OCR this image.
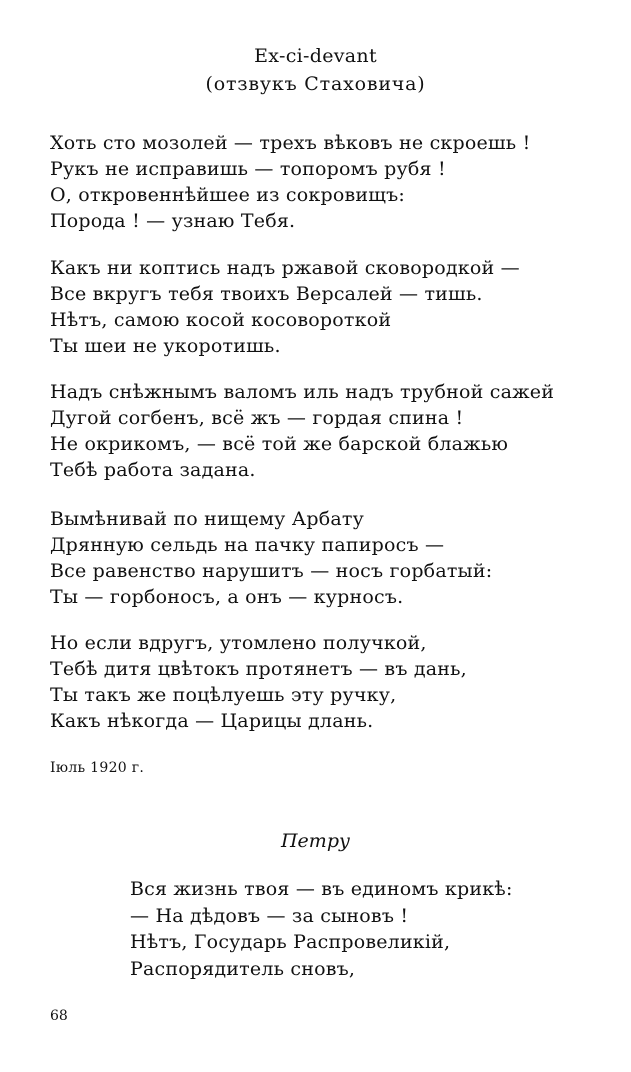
Ex-ci-devant
(отзвукъ Стаховича)
Хоть сто мозолей — трехъ вѣковъ не скроешь !
Рукъ не исправишь — топоромъ рубя !
О, откровеннѣйшее из сокровищъ:
Порода ! — узнаю Тебя.
Какъ ни коптись надъ ржавой сковородкой —
Все вкругъ тебя твоихъ Версалей — тишь.
Нѣтъ, самою косой косовороткой
Ты шеи не укоротишь.
Надъ снѣжнымъ валомъ иль надъ трубной сажей
Дугой согбенъ, всё жъ — гордая спина !
Не окрикомъ, — всё той же барской блажью
Тебѣ работа задана.
Вымѣнивай по нищему Арбату
Дрянную сельдь на пачку папиросъ —
Все равенство нарушитъ — носъ горбатый:
Ты — горбоносъ, а онъ — курносъ.
Но если вдругъ, утомлено получкой,
Тебѣ дитя цвѣтокъ протянетъ — въ дань,
Ты такъ же поцѣлуешь эту ручку,
Какъ нѣкогда — Царицы длань.
Іюль 1920 г.
Петру
Вся жизнь твоя — въ единомъ крикѣ:
— На дѣдовъ — за сыновъ !
Нѣтъ, Государь Распровеликій,
Распорядитель сновъ,
68
